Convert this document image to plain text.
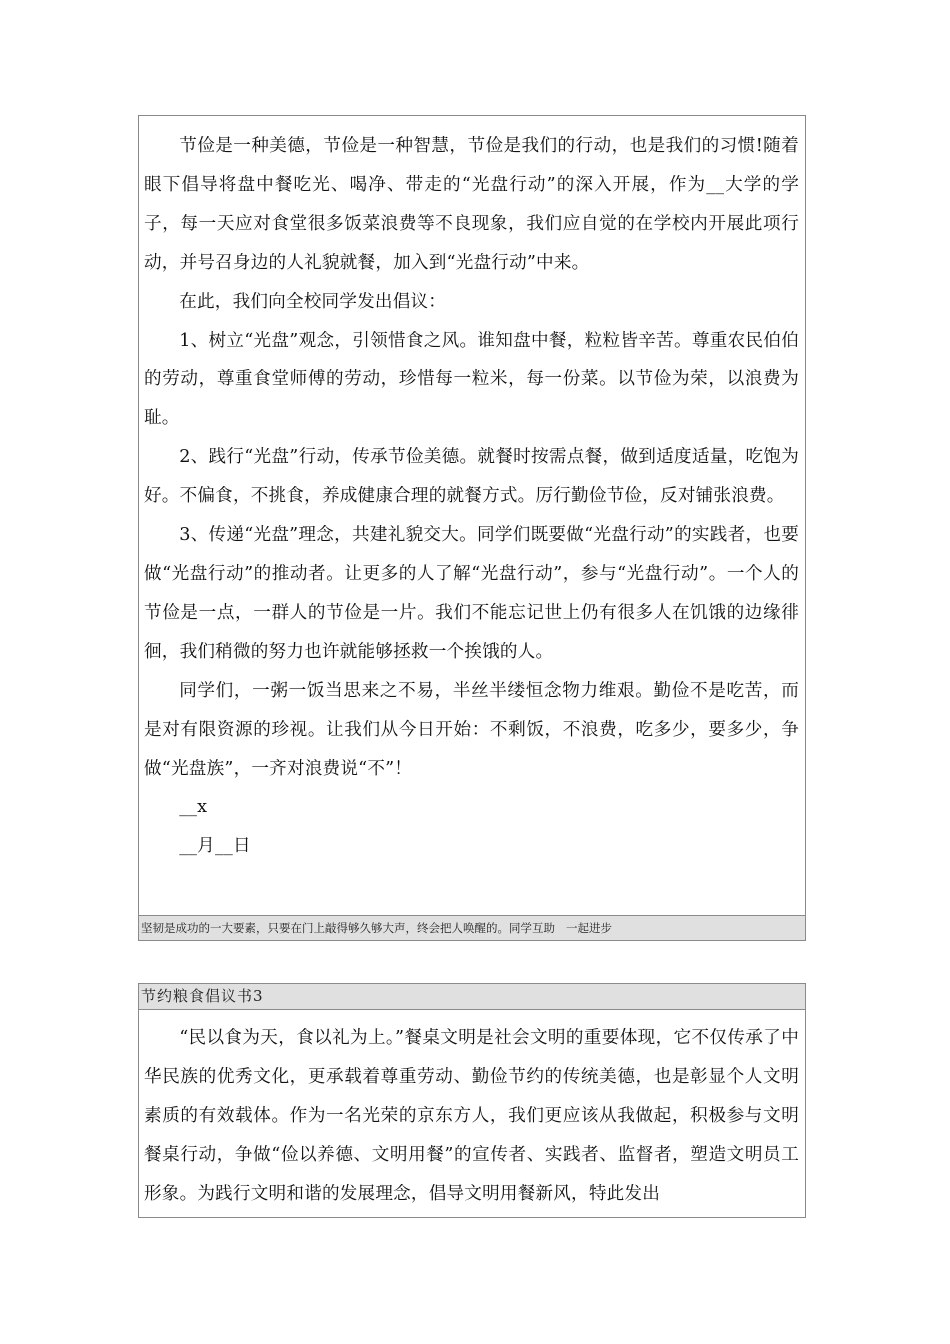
节俭是一种美德，节俭是一种智慧，节俭是我们的行动，也是我们的习惯!随着眼下倡导将盘中餐吃光、喝净、带走的“光盘行动”的深入开展，作为__大学的学子，每一天应对食堂很多饭菜浪费等不良现象，我们应自觉的在学校内开展此项行动，并号召身边的人礼貌就餐，加入到“光盘行动”中来。

在此，我们向全校同学发出倡议：

1、树立“光盘”观念，引领惜食之风。谁知盘中餐，粒粒皆辛苦。尊重农民伯伯的劳动，尊重食堂师傅的劳动，珍惜每一粒米，每一份菜。以节俭为荣，以浪费为耻。

2、践行“光盘”行动，传承节俭美德。就餐时按需点餐，做到适度适量，吃饱为好。不偏食，不挑食，养成健康合理的就餐方式。厉行勤俭节俭，反对铺张浪费。

3、传递“光盘”理念，共建礼貌交大。同学们既要做“光盘行动”的实践者，也要做“光盘行动”的推动者。让更多的人了解“光盘行动”，参与“光盘行动”。一个人的节俭是一点，一群人的节俭是一片。我们不能忘记世上仍有很多人在饥饿的边缘徘徊，我们稍微的努力也许就能够拯救一个挨饿的人。

同学们，一粥一饭当思来之不易，半丝半缕恒念物力维艰。勤俭不是吃苦，而是对有限资源的珍视。让我们从今日开始：不剩饭，不浪费，吃多少，要多少，争做“光盘族”，一齐对浪费说“不”！

__x

__月__日

坚韧是成功的一大要素，只要在门上敲得够久够大声，终会把人唤醒的。同学互助   一起进步
节约粮食倡议书3

“民以食为天，食以礼为上。”餐桌文明是社会文明的重要体现，它不仅传承了中华民族的优秀文化，更承载着尊重劳动、勤俭节约的传统美德，也是彰显个人文明素质的有效载体。作为一名光荣的京东方人，我们更应该从我做起，积极参与文明餐桌行动，争做“俭以养德、文明用餐”的宣传者、实践者、监督者，塑造文明员工形象。为践行文明和谐的发展理念，倡导文明用餐新风，特此发出
